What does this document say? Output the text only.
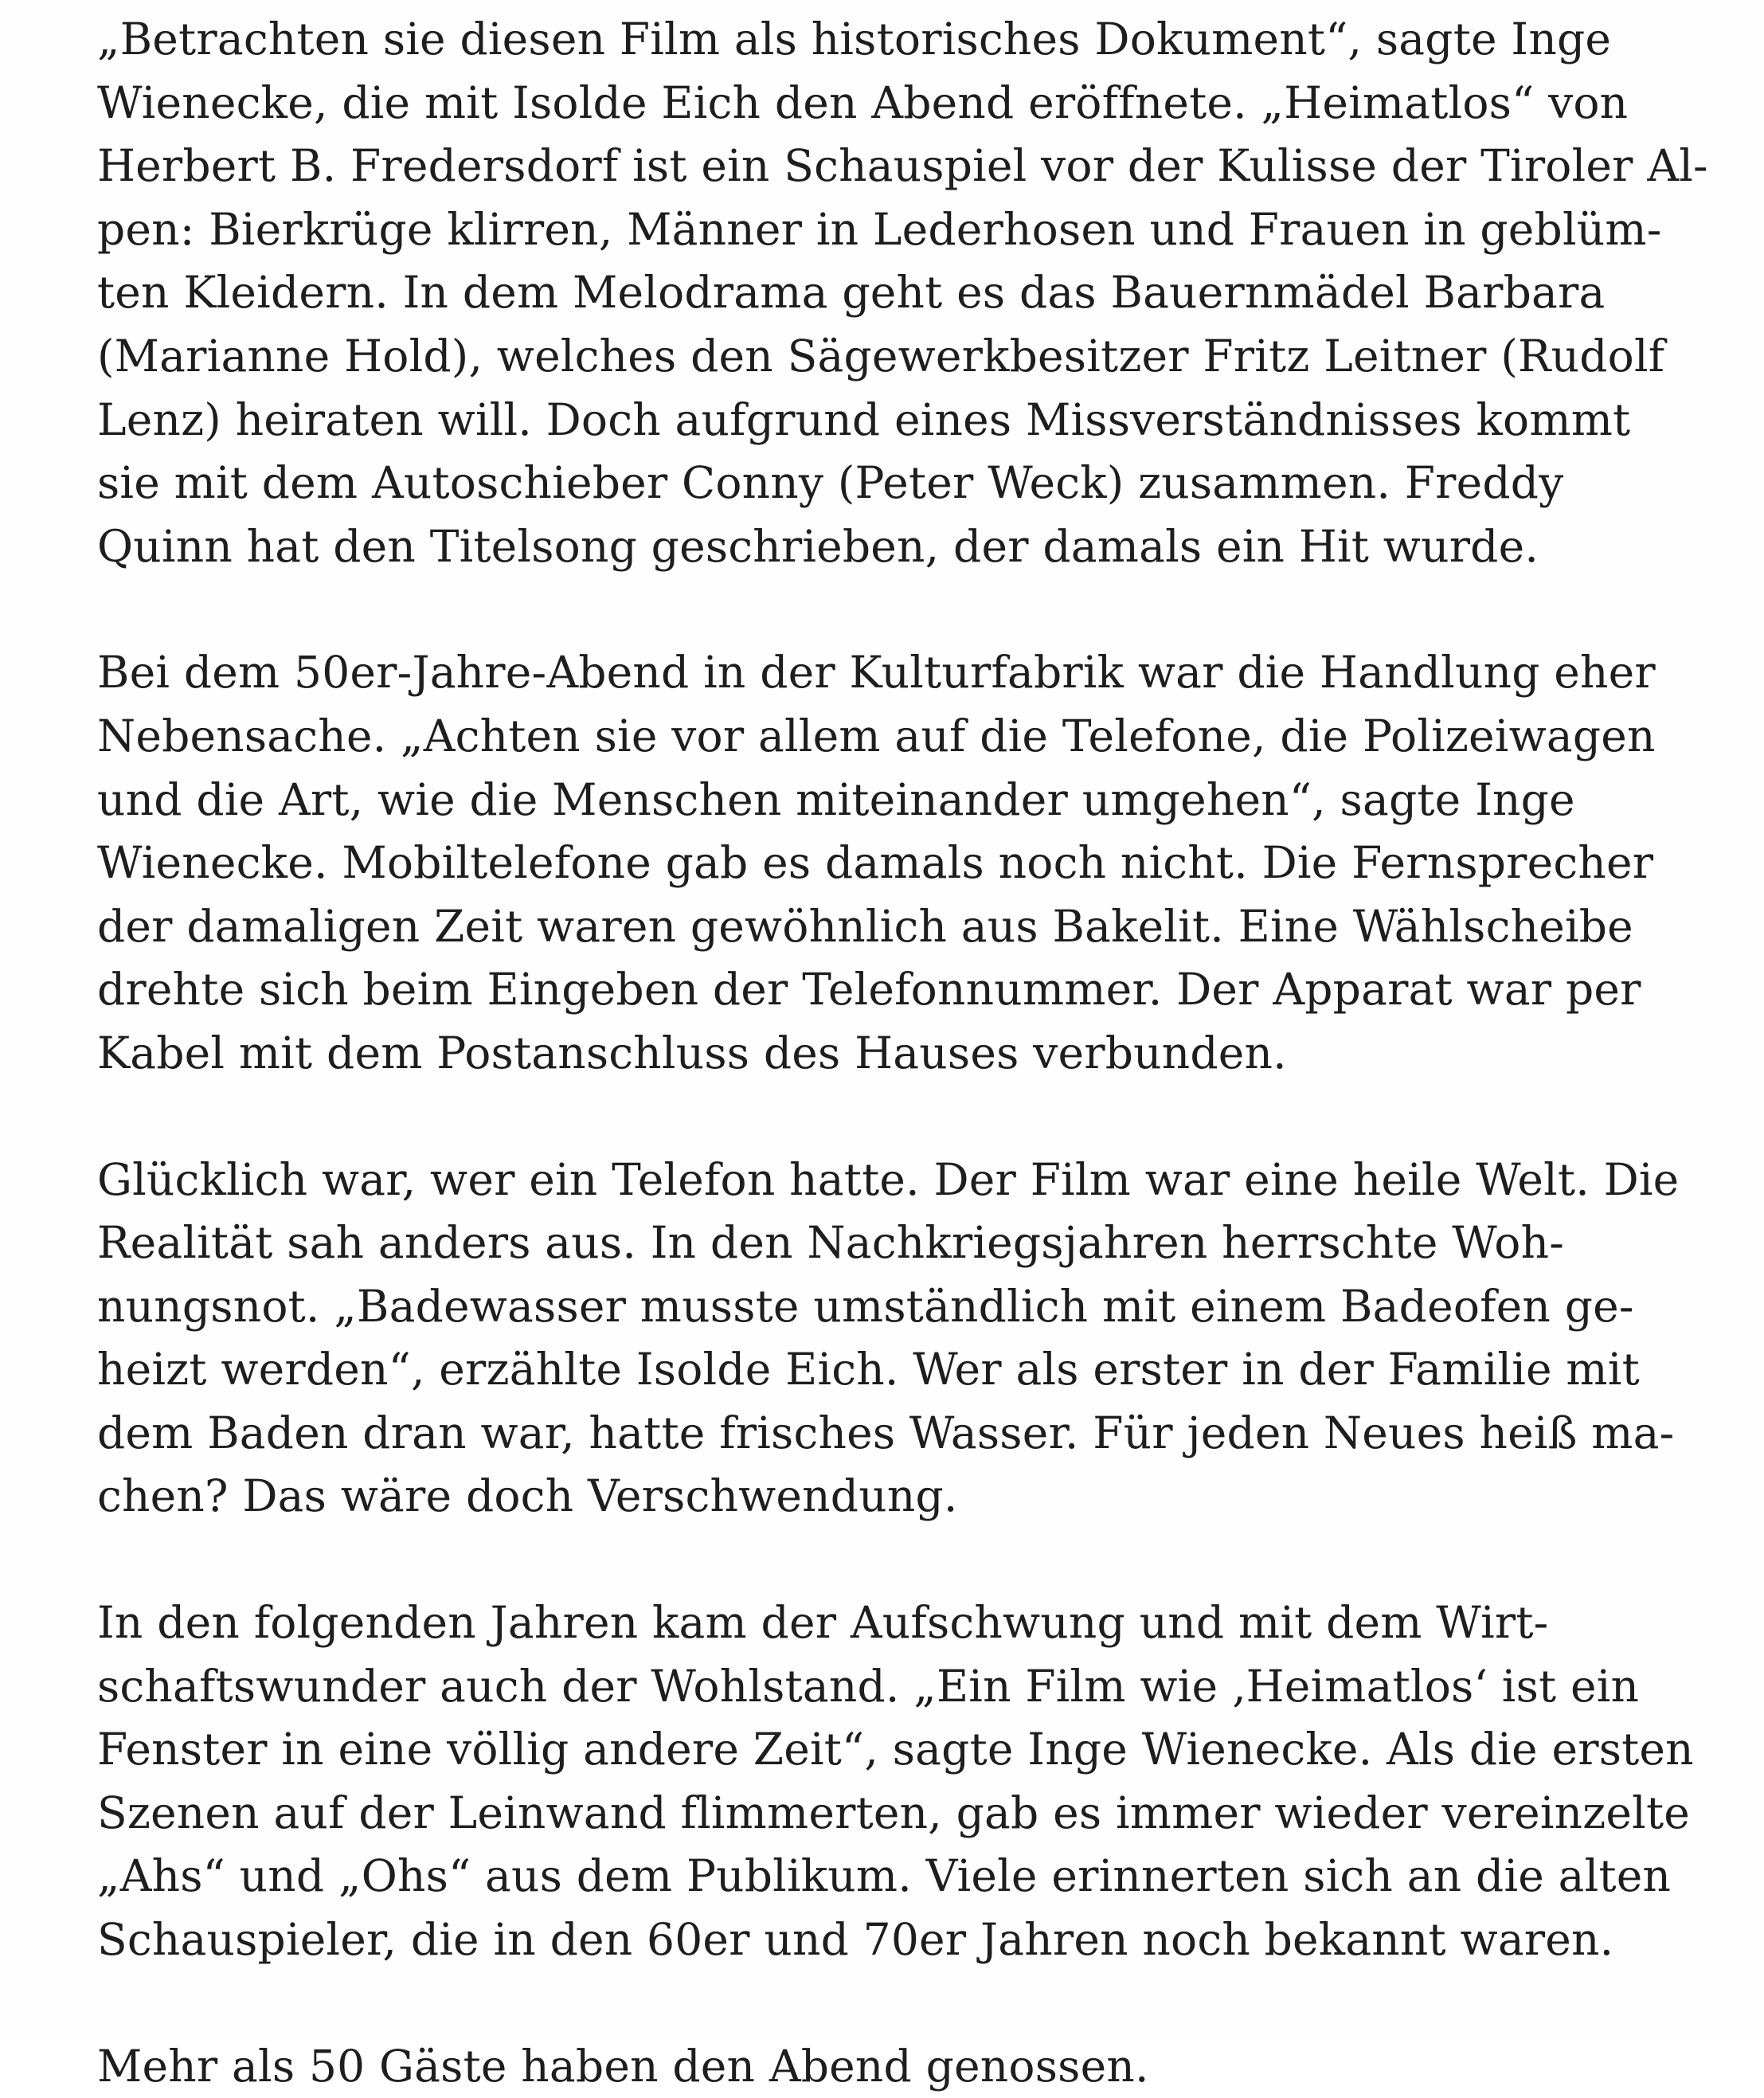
„Betrachten sie diesen Film als historisches Dokument“, sagte Inge
Wienecke, die mit Isolde Eich den Abend eröffnete. „Heimatlos“ von
Herbert B. Fredersdorf ist ein Schauspiel vor der Kulisse der Tiroler Al-
pen: Bierkrüge klirren, Männer in Lederhosen und Frauen in geblüm-
ten Kleidern. In dem Melodrama geht es das Bauernmädel Barbara
(Marianne Hold), welches den Sägewerkbesitzer Fritz Leitner (Rudolf
Lenz) heiraten will. Doch aufgrund eines Missverständnisses kommt
sie mit dem Autoschieber Conny (Peter Weck) zusammen. Freddy
Quinn hat den Titelsong geschrieben, der damals ein Hit wurde.

Bei dem 50er-Jahre-Abend in der Kulturfabrik war die Handlung eher
Nebensache. „Achten sie vor allem auf die Telefone, die Polizeiwagen
und die Art, wie die Menschen miteinander umgehen“, sagte Inge
Wienecke. Mobiltelefone gab es damals noch nicht. Die Fernsprecher
der damaligen Zeit waren gewöhnlich aus Bakelit. Eine Wählscheibe
drehte sich beim Eingeben der Telefonnummer. Der Apparat war per
Kabel mit dem Postanschluss des Hauses verbunden.

Glücklich war, wer ein Telefon hatte. Der Film war eine heile Welt. Die
Realität sah anders aus. In den Nachkriegsjahren herrschte Woh-
nungsnot. „Badewasser musste umständlich mit einem Badeofen ge-
heizt werden“, erzählte Isolde Eich. Wer als erster in der Familie mit
dem Baden dran war, hatte frisches Wasser. Für jeden Neues heiß ma-
chen? Das wäre doch Verschwendung.

In den folgenden Jahren kam der Aufschwung und mit dem Wirt-
schaftswunder auch der Wohlstand. „Ein Film wie ‚Heimatlos‘ ist ein
Fenster in eine völlig andere Zeit“, sagte Inge Wienecke. Als die ersten
Szenen auf der Leinwand flimmerten, gab es immer wieder vereinzelte
„Ahs“ und „Ohs“ aus dem Publikum. Viele erinnerten sich an die alten
Schauspieler, die in den 60er und 70er Jahren noch bekannt waren.

Mehr als 50 Gäste haben den Abend genossen.
